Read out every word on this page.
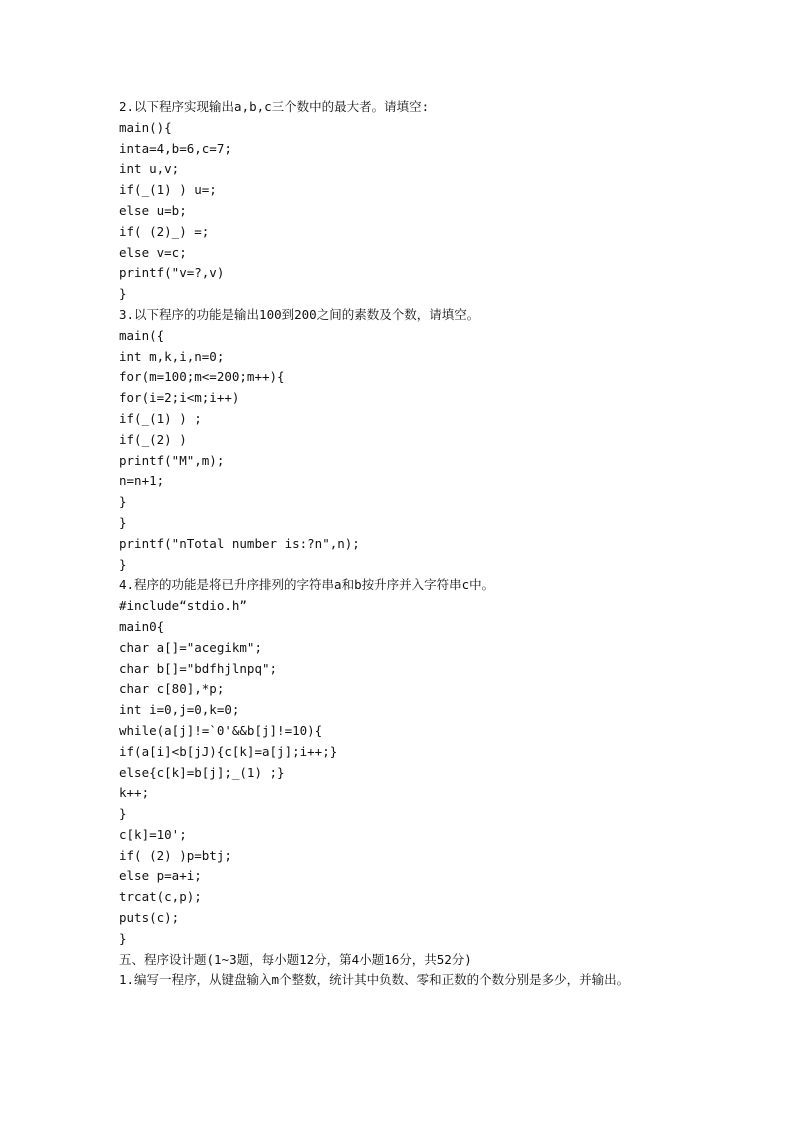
2.以下程序实现输出a,b,c三个数中的最大者。请填空:
main(){
inta=4,b=6,c=7;
int u,v;
if(_(1) ) u=;
else u=b;
if( (2)_) =;
else v=c;
printf("v=?,v)
}
3.以下程序的功能是输出100到200之间的素数及个数，请填空。
main({
int m,k,i,n=0;
for(m=100;m<=200;m++){
for(i=2;i<m;i++)
if(_(1) ) ;
if(_(2) )
printf("M",m);
n=n+1;
}
}
printf("nTotal number is:?n",n);
}
4.程序的功能是将已升序排列的字符串a和b按升序并入字符串c中。
#include“stdio.h”
main0{
char a[]="acegikm";
char b[]="bdfhjlnpq";
char c[80],*p;
int i=0,j=0,k=0;
while(a[j]!=`0'&&b[j]!=10){
if(a[i]<b[jJ){c[k]=a[j];i++;}
else{c[k]=b[j];_(1) ;}
k++;
}
c[k]=10';
if( (2) )p=btj;
else p=a+i;
trcat(c,p);
puts(c);
}
五、程序设计题(1~3题，每小题12分，第4小题16分，共52分)
1.编写一程序，从键盘输入m个整数，统计其中负数、零和正数的个数分别是多少，并输出。
